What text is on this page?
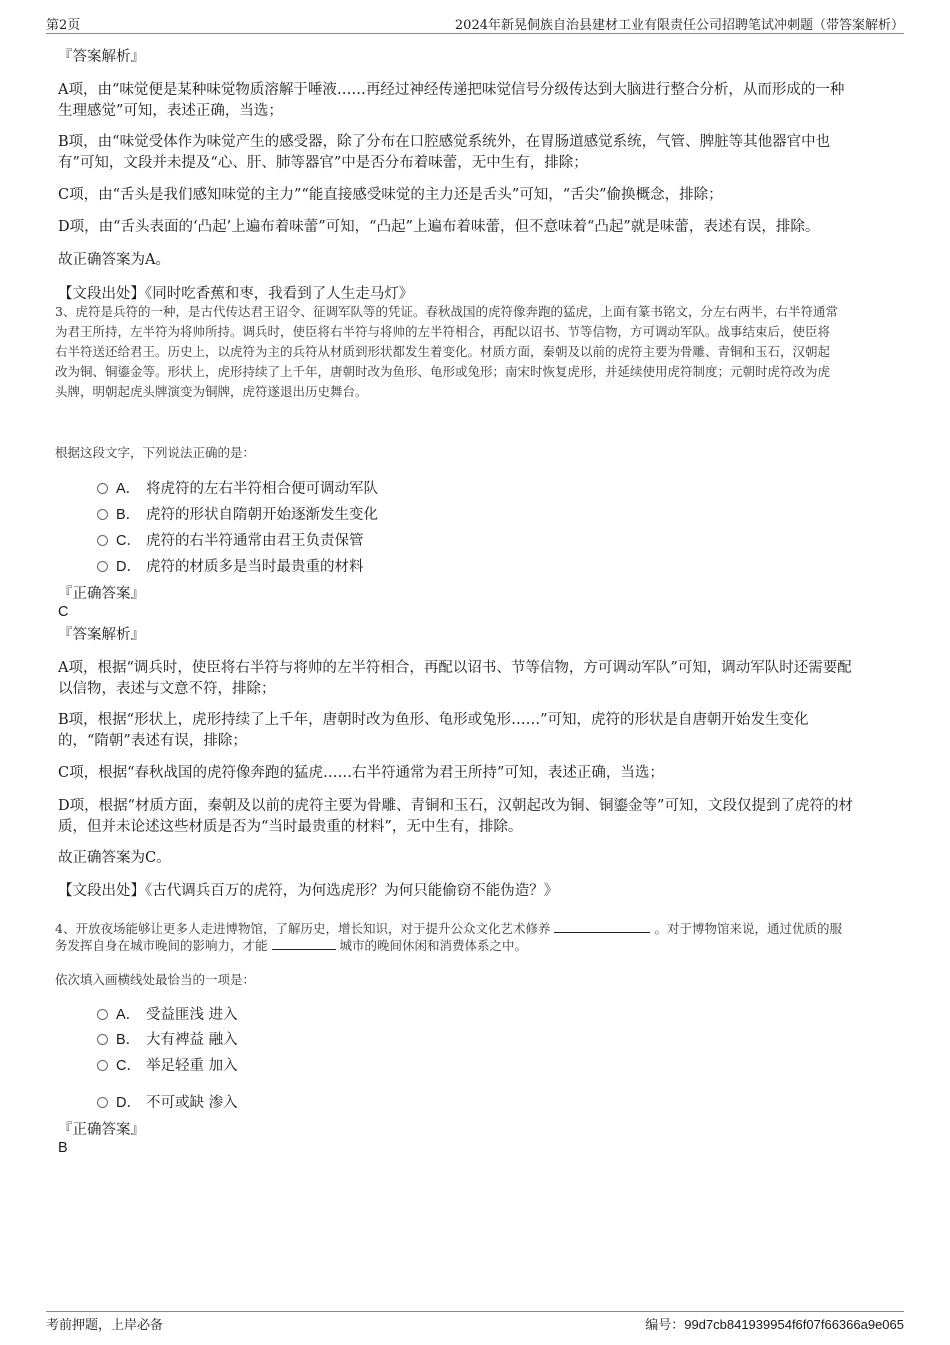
第2页	2024年新晃侗族自治县建材工业有限责任公司招聘笔试冲刺题（带答案解析）
『答案解析』
A项，由“味觉便是某种味觉物质溶解于唾液……再经过神经传递把味觉信号分级传达到大脑进行整合分析，从而形成的一种
生理感觉”可知，表述正确，当选；
B项，由“味觉受体作为味觉产生的感受器，除了分布在口腔感觉系统外，在胃肠道感觉系统，气管、脾脏等其他器官中也
有”可知，文段并未提及“心、肝、肺等器官”中是否分布着味蕾，无中生有，排除；
C项，由“舌头是我们感知味觉的主力”“能直接感受味觉的主力还是舌头”可知，“舌尖”偷换概念，排除；
D项，由“舌头表面的‘凸起’上遍布着味蕾”可知，“凸起”上遍布着味蕾，但不意味着“凸起”就是味蕾，表述有误，排除。
故正确答案为A。
【文段出处】《同时吃香蕉和枣，我看到了人生走马灯》
3、虎符是兵符的一种，是古代传达君王诏令、征调军队等的凭证。春秋战国的虎符像奔跑的猛虎，上面有篆书铭文，分左右两半，右半符通常
为君王所持，左半符为将帅所持。调兵时，使臣将右半符与将帅的左半符相合，再配以诏书、节等信物，方可调动军队。战事结束后，使臣将
右半符送还给君王。历史上，以虎符为主的兵符从材质到形状都发生着变化。材质方面，秦朝及以前的虎符主要为骨雕、青铜和玉石，汉朝起
改为铜、铜鎏金等。形状上，虎形持续了上千年，唐朝时改为鱼形、龟形或兔形；南宋时恢复虎形，并延续使用虎符制度；元朝时虎符改为虎
头牌，明朝起虎头牌演变为铜牌，虎符遂退出历史舞台。
根据这段文字，下列说法正确的是：
A． 将虎符的左右半符相合便可调动军队
B． 虎符的形状自隋朝开始逐渐发生变化
C． 虎符的右半符通常由君王负责保管
D． 虎符的材质多是当时最贵重的材料
『正确答案』
C
『答案解析』
A项，根据“调兵时，使臣将右半符与将帅的左半符相合，再配以诏书、节等信物，方可调动军队”可知，调动军队时还需要配
以信物，表述与文意不符，排除；
B项，根据“形状上，虎形持续了上千年，唐朝时改为鱼形、龟形或兔形……”可知，虎符的形状是自唐朝开始发生变化
的，“隋朝”表述有误，排除；
C项，根据“春秋战国的虎符像奔跑的猛虎……右半符通常为君王所持”可知，表述正确，当选；
D项，根据“材质方面，秦朝及以前的虎符主要为骨雕、青铜和玉石，汉朝起改为铜、铜鎏金等”可知，文段仅提到了虎符的材
质，但并未论述这些材质是否为“当时最贵重的材料”，无中生有，排除。
故正确答案为C。
【文段出处】《古代调兵百万的虎符，为何选虎形？为何只能偷窃不能伪造？》
4、开放夜场能够让更多人走进博物馆，了解历史，增长知识，对于提升公众文化艺术修养	。对于博物馆来说，通过优质的服
务发挥自身在城市晚间的影响力，才能	城市的晚间休闲和消费体系之中。
依次填入画横线处最恰当的一项是：
A． 受益匪浅 进入
B． 大有裨益 融入
C． 举足轻重 加入
D． 不可或缺 渗入
『正确答案』
B
考前押题，上岸必备	编号：99d7cb841939954f6f07f66366a9e065
